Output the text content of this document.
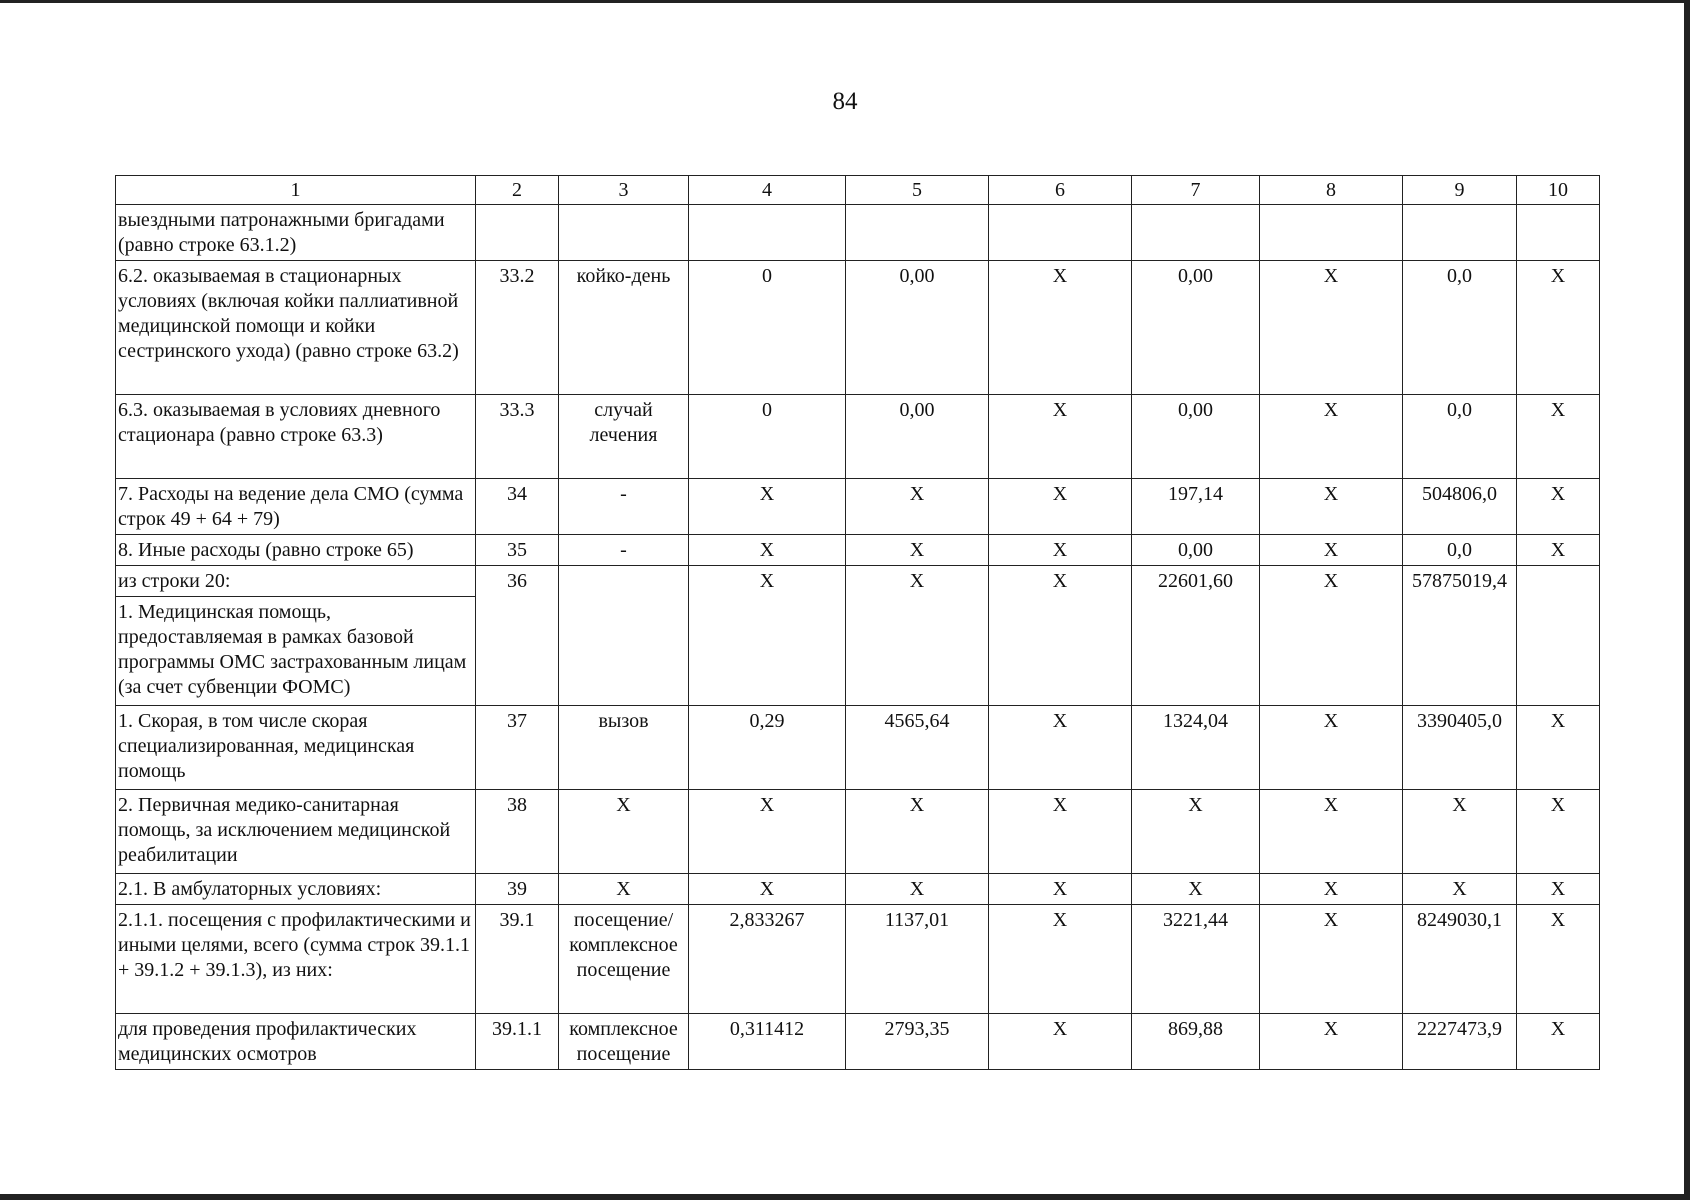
84
1	2	3	4	5	6	7	8	9	10
выездными патронажными бригадами (равно строке 63.1.2)									
6.2. оказываемая в стационарных условиях (включая койки паллиативной медицинской помощи и койки сестринского ухода) (равно строке 63.2)	33.2	койко-день	0	0,00	X	0,00	X	0,0	X
6.3. оказываемая в условиях дневного стационара (равно строке 63.3)	33.3	случай лечения	0	0,00	X	0,00	X	0,0	X
7. Расходы на ведение дела СМО (сумма строк 49 + 64 + 79)	34	-	X	X	X	197,14	X	504806,0	X
8. Иные расходы (равно строке 65)	35	-	X	X	X	0,00	X	0,0	X
из строки 20:	36		X	X	X	22601,60	X	57875019,4	
1. Медицинская помощь, предоставляемая в рамках базовой программы ОМС застрахованным лицам (за счет субвенции ФОМС)									
1. Скорая, в том числе скорая специализированная, медицинская помощь	37	вызов	0,29	4565,64	X	1324,04	X	3390405,0	X
2. Первичная медико-санитарная помощь, за исключением медицинской реабилитации	38	X	X	X	X	X	X	X	X
2.1. В амбулаторных условиях:	39	X	X	X	X	X	X	X	X
2.1.1. посещения с профилактическими и иными целями, всего (сумма строк 39.1.1 + 39.1.2 + 39.1.3), из них:	39.1	посещение/ комплексное посещение	2,833267	1137,01	X	3221,44	X	8249030,1	X
для проведения профилактических медицинских осмотров	39.1.1	комплексное посещение	0,311412	2793,35	X	869,88	X	2227473,9	X
